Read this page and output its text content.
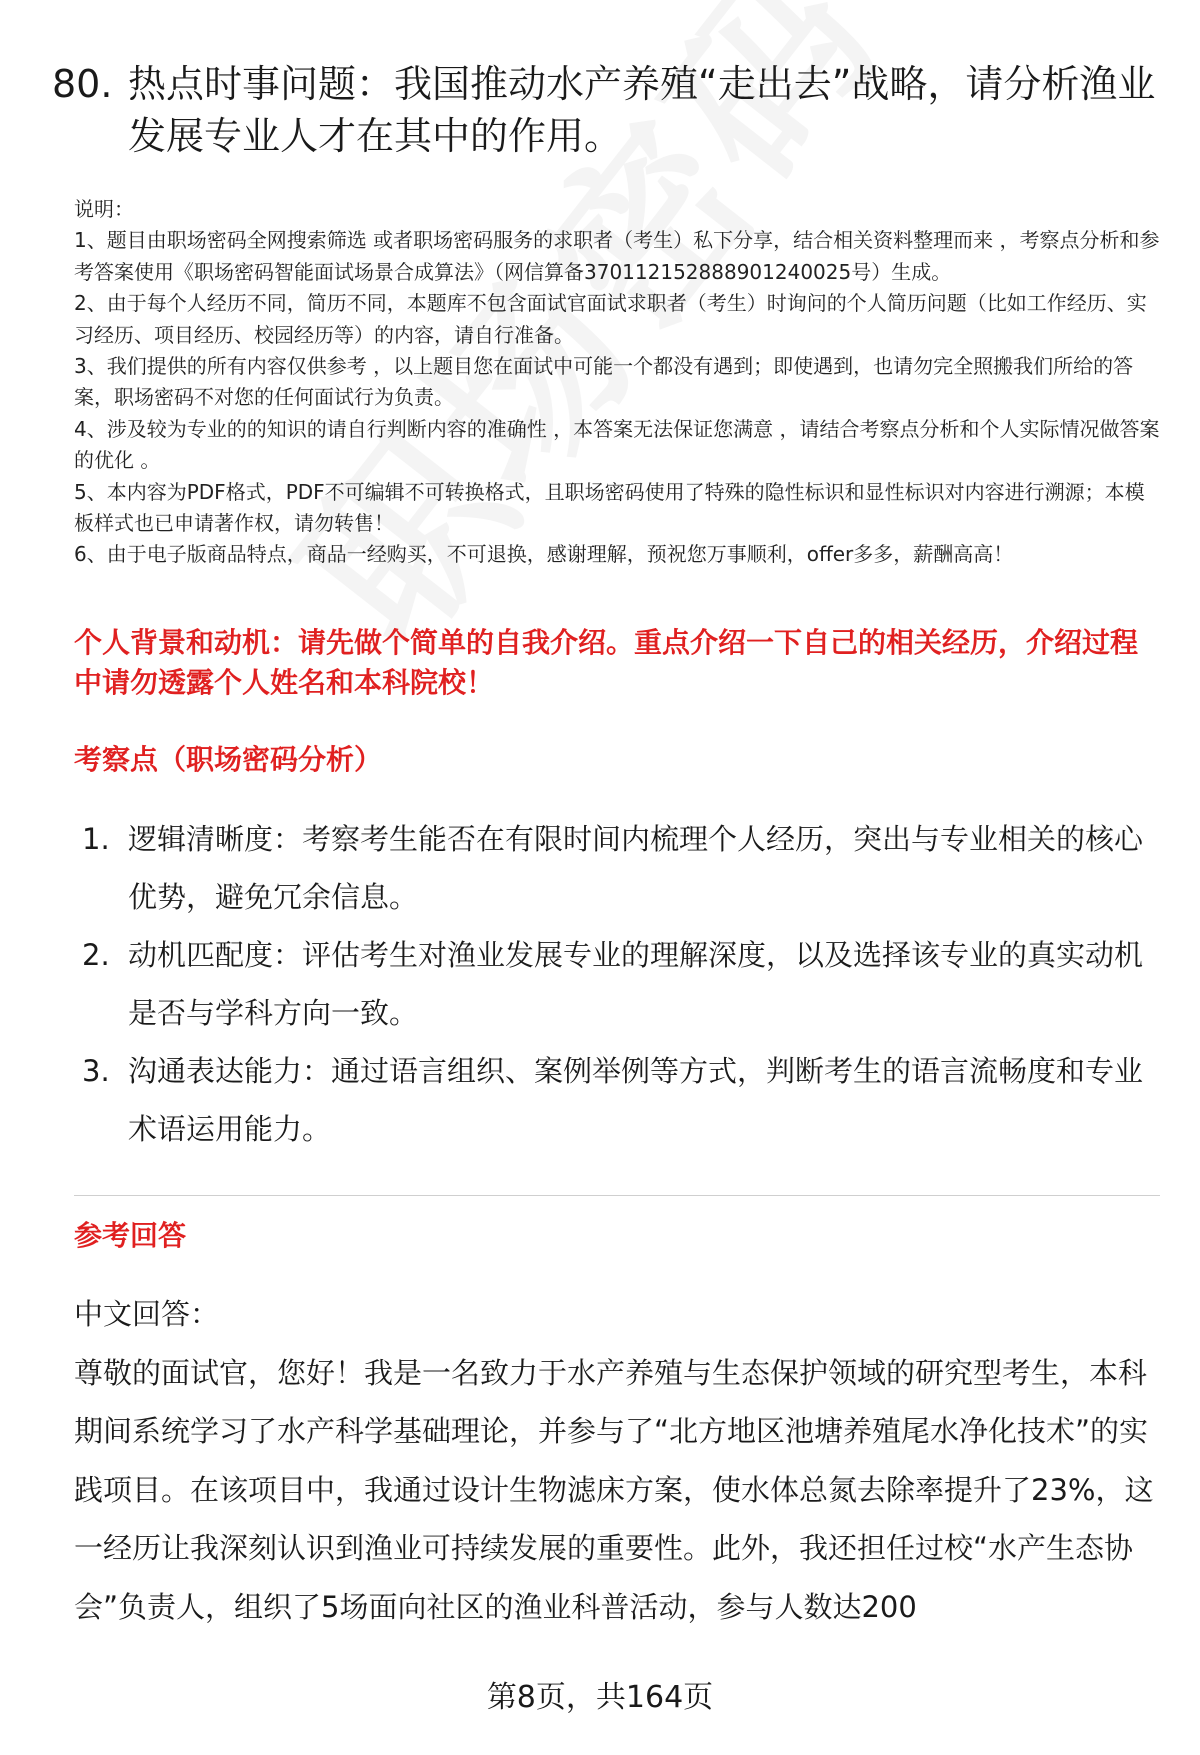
80. 热点时事问题：我国推动水产养殖“走出去”战略，请分析渔业发展专业人才在其中的作用。

说明：

1、题目由职场密码全网搜索筛选 或者职场密码服务的求职者（考生）私下分享，结合相关资料整理而来 ，考察点分析和参考答案使用《职场密码智能面试场景合成算法》（网信算备370112152888901240025号）生成。

2、由于每个人经历不同，简历不同，本题库不包含面试官面试求职者（考生）时询问的个人简历问题（比如工作经历、实习经历、项目经历、校园经历等）的内容，请自行准备。

3、我们提供的所有内容仅供参考 ，以上题目您在面试中可能一个都没有遇到；即使遇到，也请勿完全照搬我们所给的答案，职场密码不对您的任何面试行为负责。

4、涉及较为专业的的知识的请自行判断内容的准确性 ，本答案无法保证您满意 ，请结合考察点分析和个人实际情况做答案的优化 。

5、本内容为PDF格式，PDF不可编辑不可转换格式，且职场密码使用了特殊的隐性标识和显性标识对内容进行溯源；本模板样式也已申请著作权，请勿转售！

6、由于电子版商品特点，商品一经购买，不可退换，感谢理解，预祝您万事顺利，offer多多，薪酬高高！

个人背景和动机：请先做个简单的自我介绍。重点介绍一下自己的相关经历，介绍过程中请勿透露个人姓名和本科院校！
考察点（职场密码分析）
1. 逻辑清晰度：考察考生能否在有限时间内梳理个人经历，突出与专业相关的核心优势，避免冗余信息。
2. 动机匹配度：评估考生对渔业发展专业的理解深度，以及选择该专业的真实动机是否与学科方向一致。
3. 沟通表达能力：通过语言组织、案例举例等方式，判断考生的语言流畅度和专业术语运用能力。
参考回答

中文回答：

尊敬的面试官，您好！我是一名致力于水产养殖与生态保护领域的研究型考生，本科期间系统学习了水产科学基础理论，并参与了“北方地区池塘养殖尾水净化技术”的实践项目。在该项目中，我通过设计生物滤床方案，使水体总氮去除率提升了23%，这一经历让我深刻认识到渔业可持续发展的重要性。此外，我还担任过校“水产生态协会”负责人，组织了5场面向社区的渔业科普活动，参与人数达200

第8页，共164页
